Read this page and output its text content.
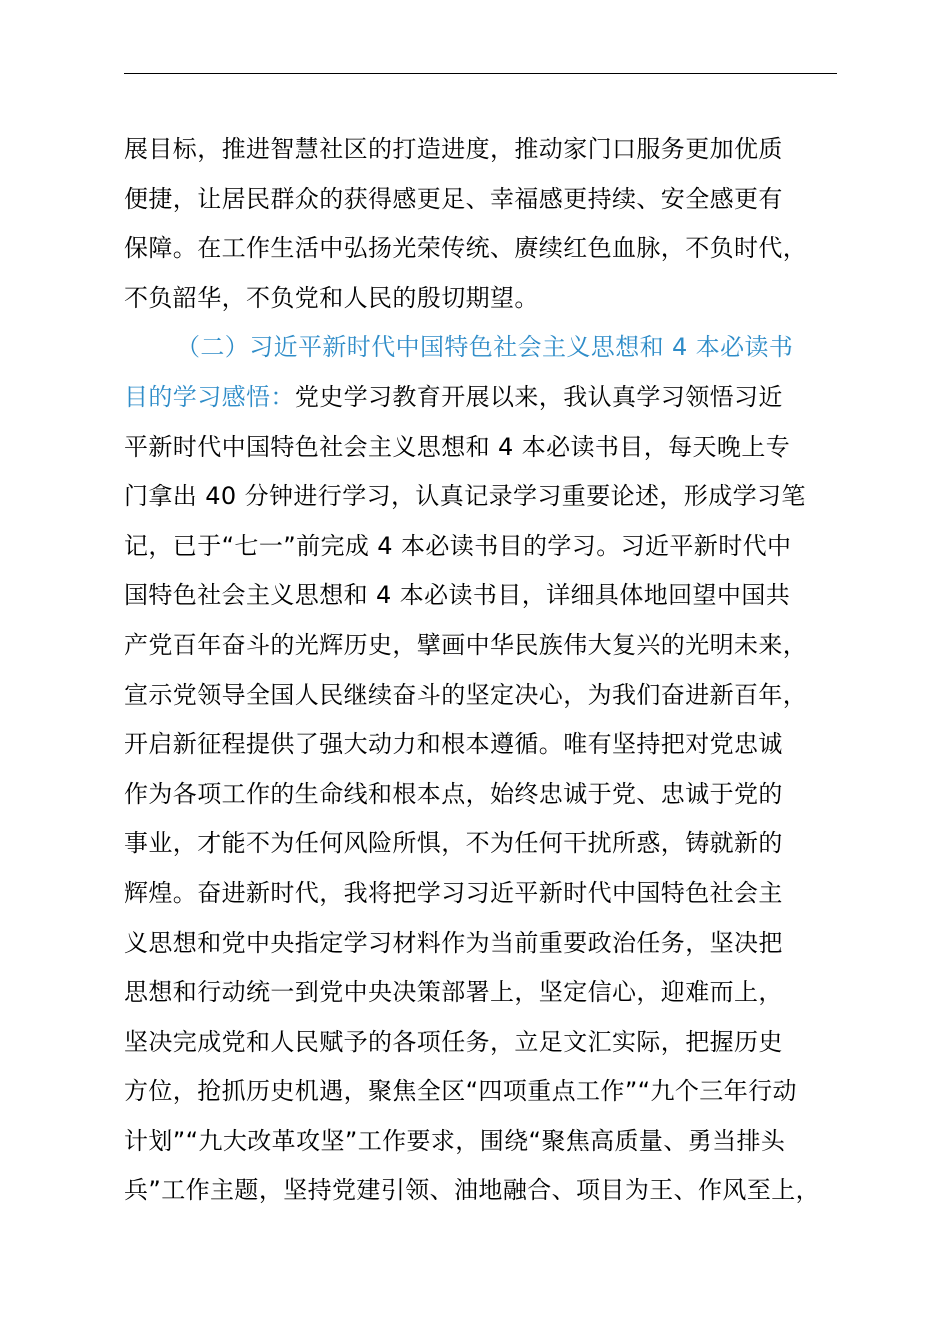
展目标，推进智慧社区的打造进度，推动家门口服务更加优质
便捷，让居民群众的获得感更足、幸福感更持续、安全感更有
保障。在工作生活中弘扬光荣传统、赓续红色血脉，不负时代，
不负韶华，不负党和人民的殷切期望。
（二）习近平新时代中国特色社会主义思想和 4 本必读书
目的学习感悟：党史学习教育开展以来，我认真学习领悟习近
平新时代中国特色社会主义思想和 4 本必读书目，每天晚上专
门拿出 40 分钟进行学习，认真记录学习重要论述，形成学习笔
记，已于“七一”前完成 4 本必读书目的学习。习近平新时代中
国特色社会主义思想和 4 本必读书目，详细具体地回望中国共
产党百年奋斗的光辉历史，擘画中华民族伟大复兴的光明未来，
宣示党领导全国人民继续奋斗的坚定决心，为我们奋进新百年，
开启新征程提供了强大动力和根本遵循。唯有坚持把对党忠诚
作为各项工作的生命线和根本点，始终忠诚于党、忠诚于党的
事业，才能不为任何风险所惧，不为任何干扰所惑，铸就新的
辉煌。奋进新时代，我将把学习习近平新时代中国特色社会主
义思想和党中央指定学习材料作为当前重要政治任务，坚决把
思想和行动统一到党中央决策部署上，坚定信心，迎难而上，
坚决完成党和人民赋予的各项任务，立足文汇实际，把握历史
方位，抢抓历史机遇，聚焦全区“四项重点工作”“九个三年行动
计划”“九大改革攻坚”工作要求，围绕“聚焦高质量、勇当排头
兵”工作主题，坚持党建引领、油地融合、项目为王、作风至上，
